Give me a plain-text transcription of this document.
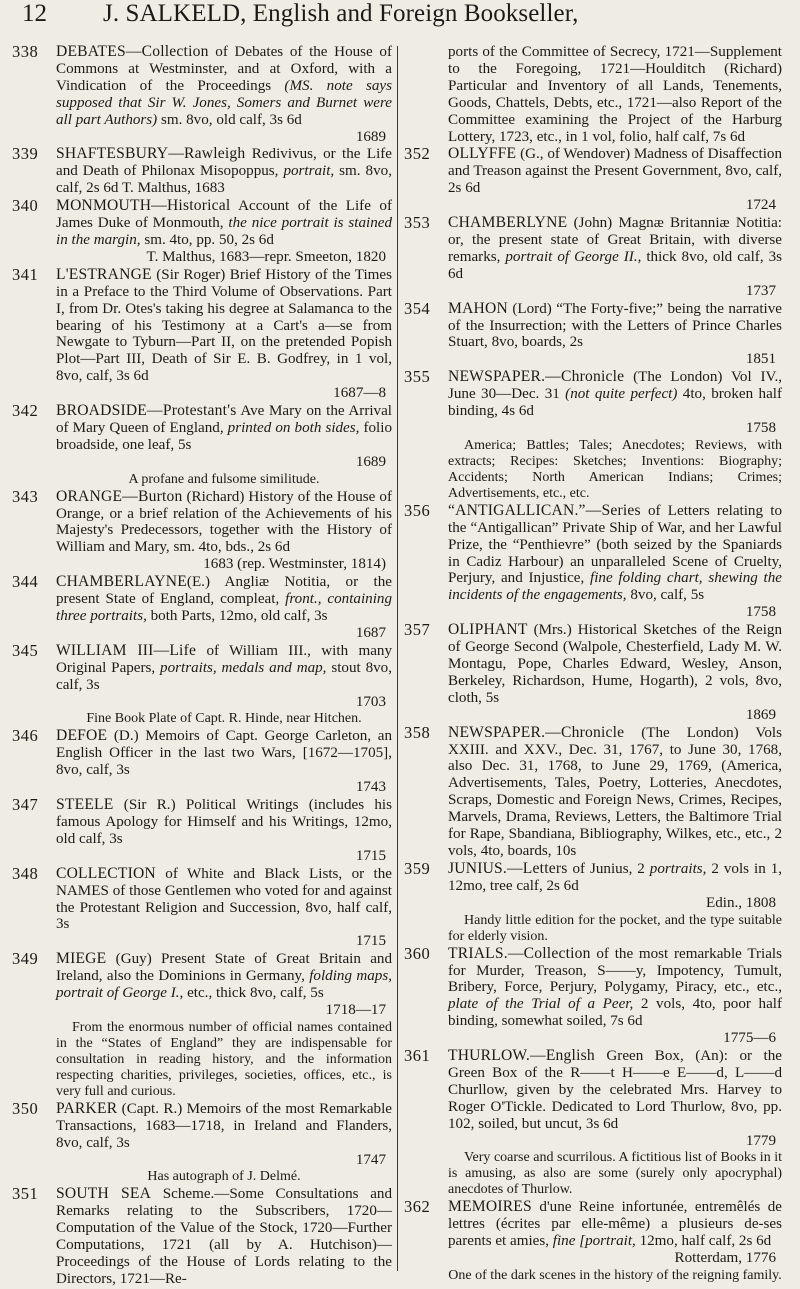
12 J. SALKELD, English and Foreign Bookseller,
338	DEBATES—Collection of Debates of the House of Commons at Westminster, and at Oxford, with a Vindication of the Proceedings (MS. note says supposed that Sir W. Jones, Somers and Burnet were all part Authors) sm. 8vo, old calf, 3s 6d
1689
339	SHAFTESBURY—Rawleigh Redivivus, or the Life and Death of Philonax Misopoppus, portrait, sm. 8vo, calf, 2s 6d T. Malthus, 1683
340	MONMOUTH—Historical Account of the Life of James Duke of Monmouth, the nice portrait is stained in the margin, sm. 4to, pp. 50, 2s 6d
T. Malthus, 1683—repr. Smeeton, 1820
341	L'ESTRANGE (Sir Roger) Brief History of the Times in a Preface to the Third Volume of Observations. Part I, from Dr. Otes's taking his degree at Salamanca to the bearing of his Testimony at a Cart's a—se from Newgate to Tyburn—Part II, on the pretended Popish Plot—Part III, Death of Sir E. B. Godfrey, in 1 vol, 8vo, calf, 3s 6d
1687—8
342	BROADSIDE—Protestant's Ave Mary on the Arrival of Mary Queen of England, printed on both sides, folio broadside, one leaf, 5s
1689
A profane and fulsome similitude.
343	ORANGE—Burton (Richard) History of the House of Orange, or a brief relation of the Achievements of his Majesty's Predecessors, together with the History of William and Mary, sm. 4to, bds., 2s 6d
1683 (rep. Westminster, 1814)
344	CHAMBERLAYNE(E.) Angliæ Notitia, or the present State of England, compleat, front., containing three portraits, both Parts, 12mo, old calf, 3s
1687
345	WILLIAM III—Life of William III., with many Original Papers, portraits, medals and map, stout 8vo, calf, 3s
1703
Fine Book Plate of Capt. R. Hinde, near Hitchen.
346	DEFOE (D.) Memoirs of Capt. George Carleton, an English Officer in the last two Wars, [1672—1705], 8vo, calf, 3s
1743
347	STEELE (Sir R.) Political Writings (includes his famous Apology for Himself and his Writings, 12mo, old calf, 3s
1715
348	COLLECTION of White and Black Lists, or the NAMES of those Gentlemen who voted for and against the Protestant Religion and Succession, 8vo, half calf, 3s
1715
349	MIEGE (Guy) Present State of Great Britain and Ireland, also the Dominions in Germany, folding maps, portrait of George I., etc., thick 8vo, calf, 5s
1718—17
From the enormous number of official names contained in the “States of England” they are indispensable for consultation in reading history, and the information respecting charities, privileges, societies, offices, etc., is very full and curious.
350	PARKER (Capt. R.) Memoirs of the most Remarkable Transactions, 1683—1718, in Ireland and Flanders, 8vo, calf, 3s
1747
Has autograph of J. Delmé.
351	SOUTH SEA Scheme.—Some Consultations and Remarks relating to the Subscribers, 1720—Computation of the Value of the Stock, 1720—Further Computations, 1721 (all by A. Hutchison)—Proceedings of the House of Lords relating to the Directors, 1721—Re-
ports of the Committee of Secrecy, 1721—Supplement to the Foregoing, 1721—Houlditch (Richard) Particular and Inventory of all Lands, Tenements, Goods, Chattels, Debts, etc., 1721—also Report of the Committee examining the Project of the Harburg Lottery, 1723, etc., in 1 vol, folio, half calf, 7s 6d
352	OLLYFFE (G., of Wendover) Madness of Disaffection and Treason against the Present Government, 8vo, calf, 2s 6d
1724
353	CHAMBERLYNE (John) Magnæ Britanniæ Notitia: or, the present state of Great Britain, with diverse remarks, portrait of George II., thick 8vo, old calf, 3s 6d
1737
354	MAHON (Lord) “The Forty-five;” being the narrative of the Insurrection; with the Letters of Prince Charles Stuart, 8vo, boards, 2s
1851
355	NEWSPAPER.—Chronicle (The London) Vol IV., June 30—Dec. 31 (not quite perfect) 4to, broken half binding, 4s 6d
1758
America; Battles; Tales; Anecdotes; Reviews, with extracts; Recipes: Sketches; Inventions: Biography; Accidents; North American Indians; Crimes; Advertisements, etc., etc.
356	“ANTIGALLICAN.”—Series of Letters relating to the “Antigallican” Private Ship of War, and her Lawful Prize, the “Penthievre” (both seized by the Spaniards in Cadiz Harbour) an unparalleled Scene of Cruelty, Perjury, and Injustice, fine folding chart, shewing the incidents of the engagements, 8vo, calf, 5s
1758
357	OLIPHANT (Mrs.) Historical Sketches of the Reign of George Second (Walpole, Chesterfield, Lady M. W. Montagu, Pope, Charles Edward, Wesley, Anson, Berkeley, Richardson, Hume, Hogarth), 2 vols, 8vo, cloth, 5s
1869
358	NEWSPAPER.—Chronicle (The London) Vols XXIII. and XXV., Dec. 31, 1767, to June 30, 1768, also Dec. 31, 1768, to June 29, 1769, (America, Advertisements, Tales, Poetry, Lotteries, Anecdotes, Scraps, Domestic and Foreign News, Crimes, Recipes, Marvels, Drama, Reviews, Letters, the Baltimore Trial for Rape, Sbandiana, Bibliography, Wilkes, etc., etc., 2 vols, 4to, boards, 10s
359	JUNIUS.—Letters of Junius, 2 portraits, 2 vols in 1, 12mo, tree calf, 2s 6d
Edin., 1808
Handy little edition for the pocket, and the type suitable for elderly vision.
360	TRIALS.—Collection of the most remarkable Trials for Murder, Treason, S——y, Impotency, Tumult, Bribery, Force, Perjury, Polygamy, Piracy, etc., etc., plate of the Trial of a Peer, 2 vols, 4to, poor half binding, somewhat soiled, 7s 6d
1775—6
361	THURLOW.—English Green Box, (An): or the Green Box of the R——t H——e E——d, L——d Churllow, given by the celebrated Mrs. Harvey to Roger O'Tickle. Dedicated to Lord Thurlow, 8vo, pp. 102, soiled, but uncut, 3s 6d
1779
Very coarse and scurrilous. A fictitious list of Books in it is amusing, as also are some (surely only apocryphal) anecdotes of Thurlow.
362	MEMOIRES d'une Reine infortunée, entremêlés de lettres (écrites par elle-même) a plusieurs de-ses parents et amies, fine [portrait, 12mo, half calf, 2s 6d
Rotterdam, 1776
One of the dark scenes in the history of the reigning family.
